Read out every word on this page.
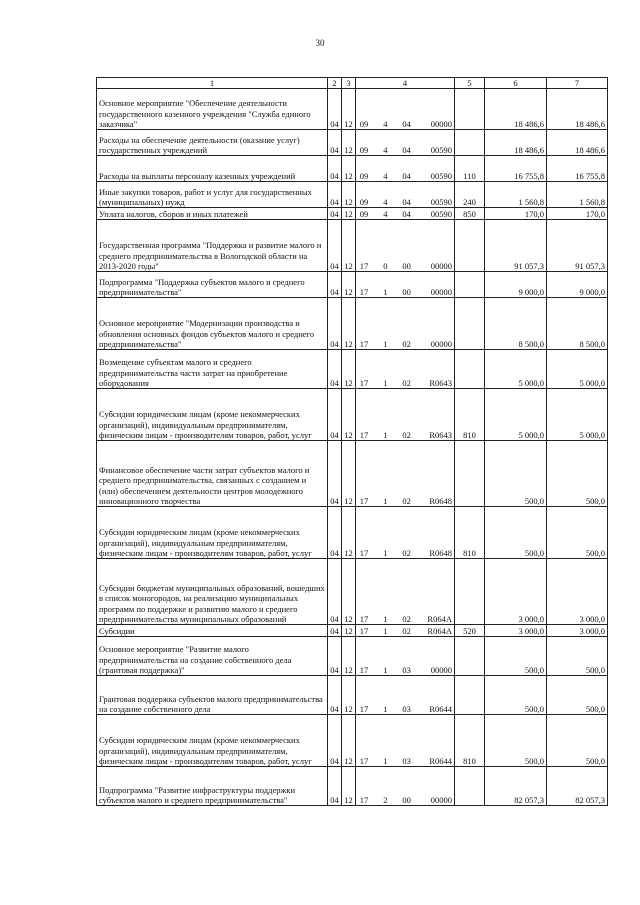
30
1	2	3	4	5	6	7
Основное мероприятие "Обеспечение деятельности государственного казенного учреждения "Служба единого заказчика"	04	12	09 4 04 00000		18 486,6	18 486,6
Расходы на обеспечение деятельности (оказание услуг) государственных учреждений	04	12	09 4 04 00590		18 486,6	18 486,6
Расходы на выплаты персоналу казенных учреждений	04	12	09 4 04 00590	110	16 755,8	16 755,8
Иные закупки товаров, работ и услуг для государственных (муниципальных) нужд	04	12	09 4 04 00590	240	1 560,8	1 560,8
Уплата налогов, сборов и иных платежей	04	12	09 4 04 00590	850	170,0	170,0
Государственная программа "Поддержка и развитие малого и среднего предпринимательства в Вологодской области на 2013-2020 годы"	04	12	17 0 00 00000		91 057,3	91 057,3
Подпрограмма "Поддержка субъектов малого и среднего предпринимательства"	04	12	17 1 00 00000		9 000,0	9 000,0
Основное мероприятие "Модернизации производства и обновления основных фондов субъектов малого и среднего предпринимательства"	04	12	17 1 02 00000		8 500,0	8 500,0
Возмещение субъектам малого и среднего предпринимательства части затрат на приобретение оборудования	04	12	17 1 02 R0643		5 000,0	5 000,0
Субсидии юридическим лицам (кроме некоммерческих организаций), индивидуальным предпринимателям, физическим лицам - производителям товаров, работ, услуг	04	12	17 1 02 R0643	810	5 000,0	5 000,0
Финансовое обеспечение части затрат субъектов малого и среднего предпринимательства, связанных с созданием и (или) обеспечением деятельности центров молодежного инновационного творчества	04	12	17 1 02 R0648		500,0	500,0
Субсидии юридическим лицам (кроме некоммерческих организаций), индивидуальным предпринимателям, физическим лицам - производителям товаров, работ, услуг	04	12	17 1 02 R0648	810	500,0	500,0
Субсидии бюджетам муниципальных образований, вошедших в список моногородов, на реализацию муниципальных программ по поддержке и развитию малого и среднего предпринимательства муниципальных образований	04	12	17 1 02 R064A		3 000,0	3 000,0
Субсидии	04	12	17 1 02 R064A	520	3 000,0	3 000,0
Основное мероприятие "Развитие малого предпринимательства на создание собственного дела (грантовая поддержка)"	04	12	17 1 03 00000		500,0	500,0
Грантовая поддержка субъектов малого предпринимательства на создание собственного дела	04	12	17 1 03 R0644		500,0	500,0
Субсидии юридическим лицам (кроме некоммерческих организаций), индивидуальным предпринимателям, физическим лицам - производителям товаров, работ, услуг	04	12	17 1 03 R0644	810	500,0	500,0
Подпрограмма "Развитие инфраструктуры поддержки субъектов малого и среднего предпринимательства"	04	12	17 2 00 00000		82 057,3	82 057,3
